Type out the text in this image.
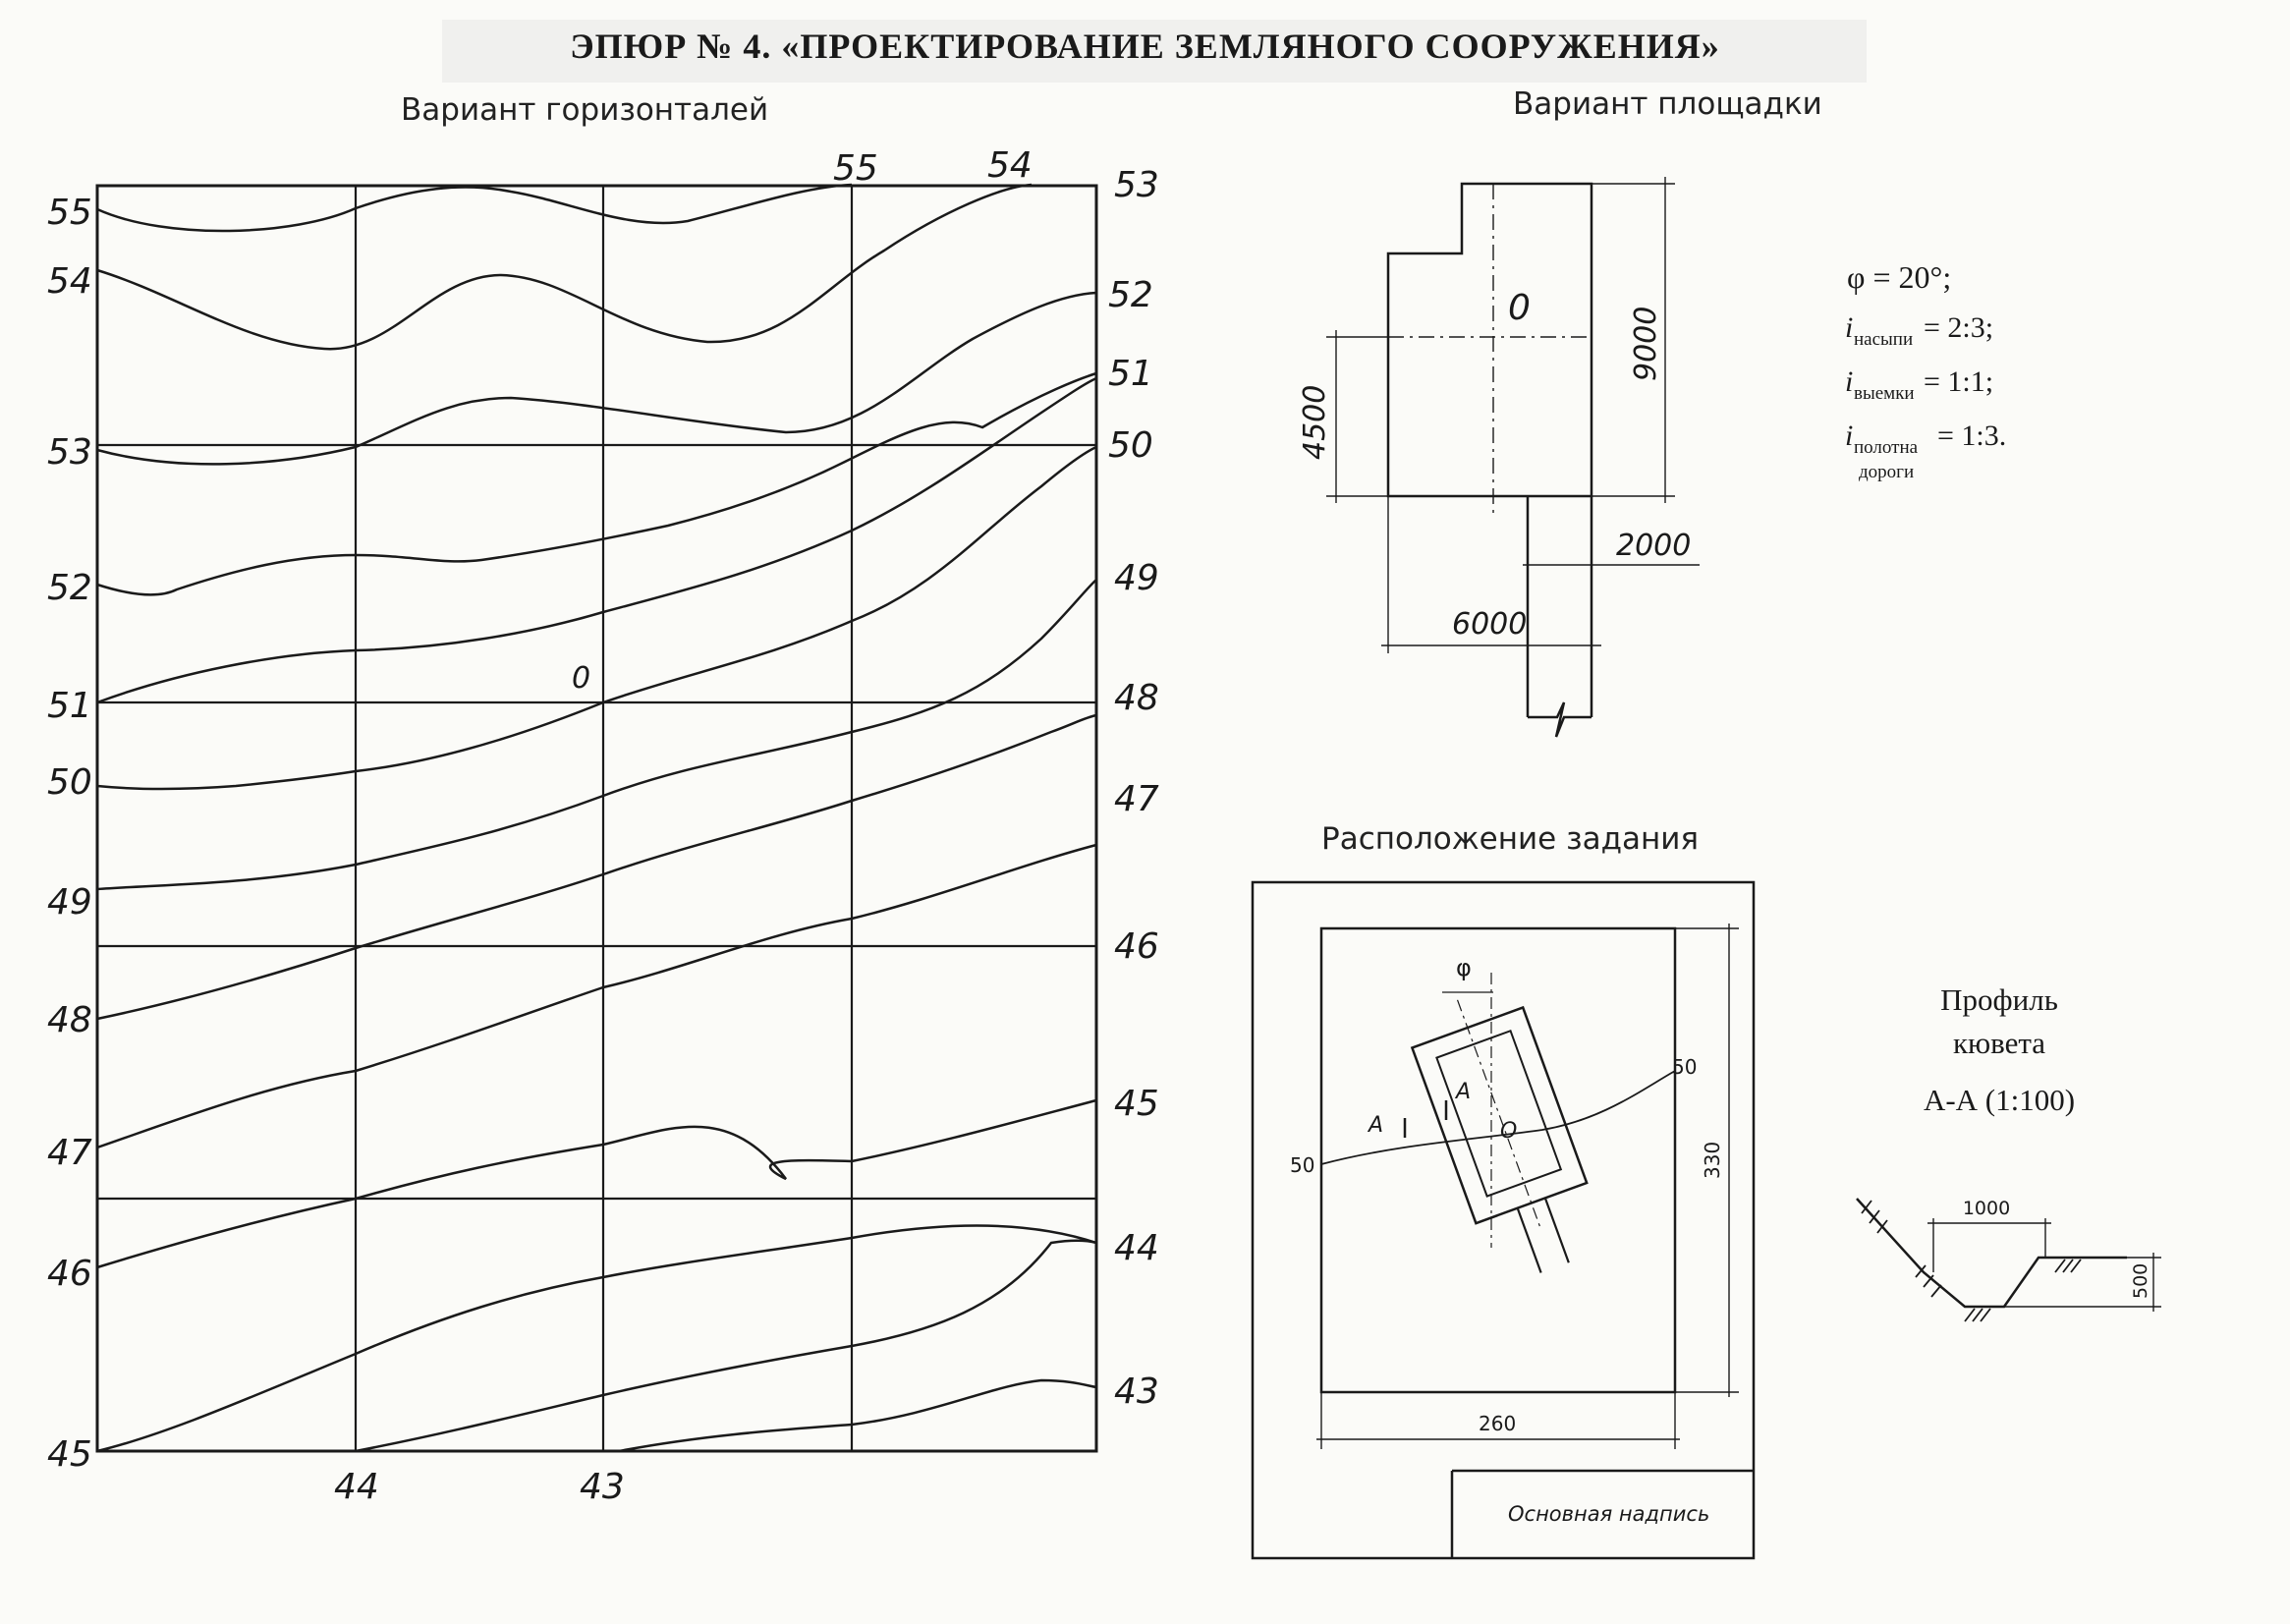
ЭПЮР № 4. «ПРОЕКТИРОВАНИЕ ЗЕМЛЯНОГО СООРУЖЕНИЯ»
Вариант горизонталей	Вариант площадки
Расположение задания
55
54
53
52
51
50
49
48
47
46
45
53
52
51
50
49
48
47
46
45
44
43
55	54
44	43
0
0	9000
4500
2000
6000
φ = 20°;
i насыпи = 2:3;
i выемки = 1:1;
i полотна = 1:3.
дороги
φ
A
A
O
50
50
330
260
Основная надпись
Профиль
кювета
А-А (1:100)
1000
500
